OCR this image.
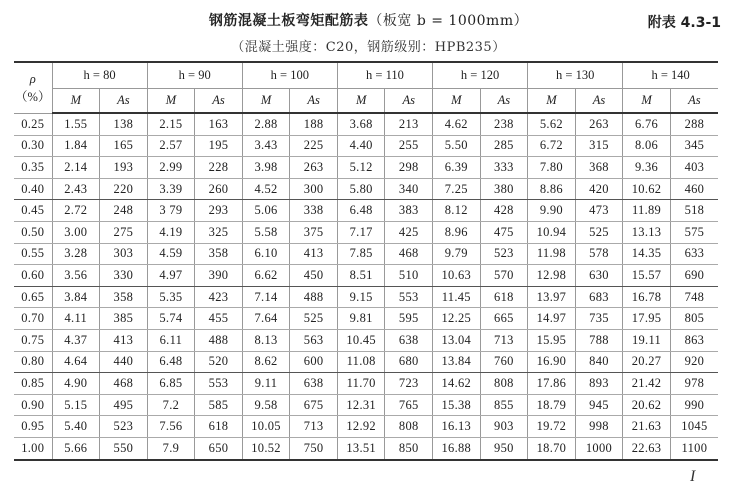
钢筋混凝土板弯矩配筋表（板宽 b = 1000mm）
（混凝土强度：C20，钢筋级别：HPB235）
附表 4.3-1
ρ
（%）	h = 80		h = 90		h = 100		h = 110		h = 120		h = 130		h = 140	
	M	As	M	As	M	As	M	As	M	As	M	As	M	As
0.25	1.55	138	2.15	163	2.88	188	3.68	213	4.62	238	5.62	263	6.76	288
0.30	1.84	165	2.57	195	3.43	225	4.40	255	5.50	285	6.72	315	8.06	345
0.35	2.14	193	2.99	228	3.98	263	5.12	298	6.39	333	7.80	368	9.36	403
0.40	2.43	220	3.39	260	4.52	300	5.80	340	7.25	380	8.86	420	10.62	460
0.45	2.72	248	3 79	293	5.06	338	6.48	383	8.12	428	9.90	473	11.89	518
0.50	3.00	275	4.19	325	5.58	375	7.17	425	8.96	475	10.94	525	13.13	575
0.55	3.28	303	4.59	358	6.10	413	7.85	468	9.79	523	11.98	578	14.35	633
0.60	3.56	330	4.97	390	6.62	450	8.51	510	10.63	570	12.98	630	15.57	690
0.65	3.84	358	5.35	423	7.14	488	9.15	553	11.45	618	13.97	683	16.78	748
0.70	4.11	385	5.74	455	7.64	525	9.81	595	12.25	665	14.97	735	17.95	805
0.75	4.37	413	6.11	488	8.13	563	10.45	638	13.04	713	15.95	788	19.11	863
0.80	4.64	440	6.48	520	8.62	600	11.08	680	13.84	760	16.90	840	20.27	920
0.85	4.90	468	6.85	553	9.11	638	11.70	723	14.62	808	17.86	893	21.42	978
0.90	5.15	495	7.2	585	9.58	675	12.31	765	15.38	855	18.79	945	20.62	990
0.95	5.40	523	7.56	618	10.05	713	12.92	808	16.13	903	19.72	998	21.63	1045
1.00	5.66	550	7.9	650	10.52	750	13.51	850	16.88	950	18.70	1000	22.63	1100
I
